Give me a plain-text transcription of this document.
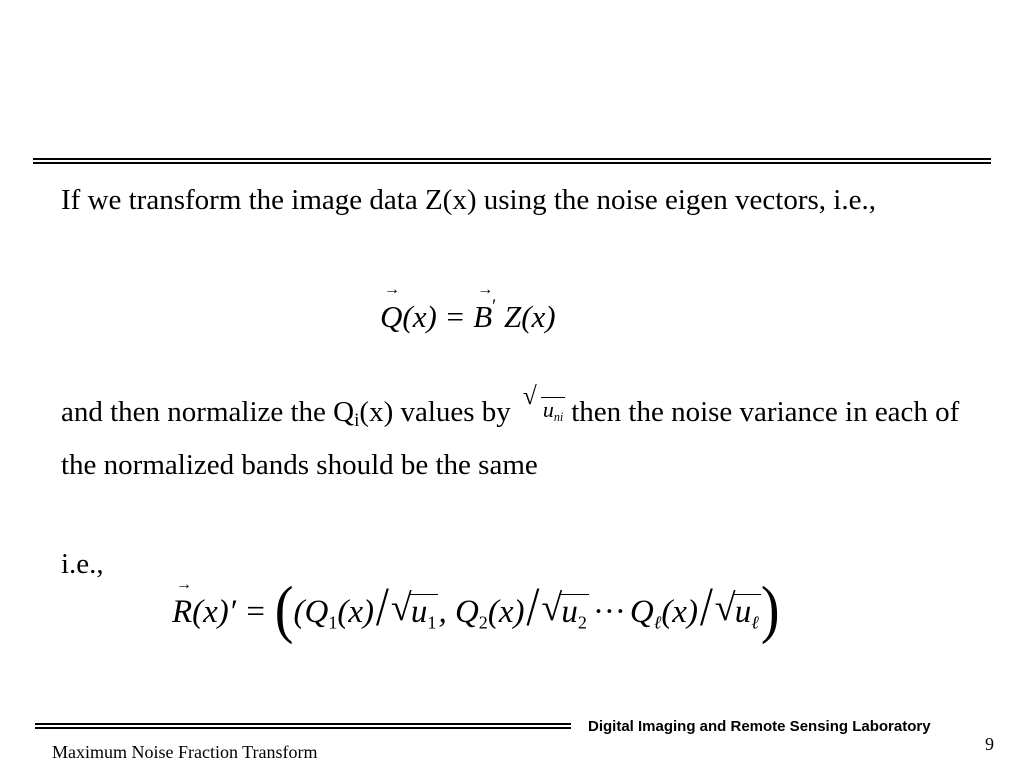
If we transform the image data Z(x) using the noise eigen vectors, i.e.,
→ Q(x) = → B′ Z(x)
and then normalize the $Q_i(x)$ values by √ uni then the noise variance in each of the normalized bands should be the same
i.e.,
→ R(x)′ = ((Q1(x)/ √ u1, Q2(x)/ √ u2 ··· Qℓ(x)/ √ uℓ)
Digital Imaging and Remote Sensing Laboratory
9
Maximum Noise Fraction Transform
